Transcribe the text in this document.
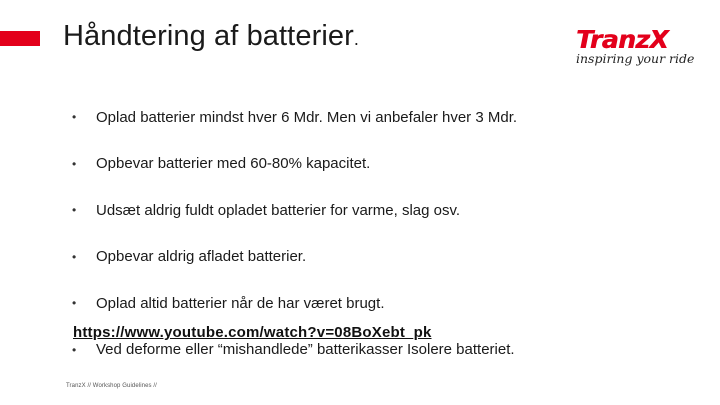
Håndtering af batterier.	TranzX
inspiring your ride
•	Oplad batterier mindst hver 6 Mdr. Men vi anbefaler hver 3 Mdr.
•	Opbevar batterier med 60-80% kapacitet.
•	Udsæt aldrig fuldt opladet batterier for varme, slag osv.
•	Opbevar aldrig afladet batterier.
•	Oplad altid batterier når de har været brugt.
•	Ved deforme eller “mishandlede” batterikasser Isolere batteriet.
https://www.youtube.com/watch?v=08BoXebt_pk
TranzX // Workshop Guidelines //
